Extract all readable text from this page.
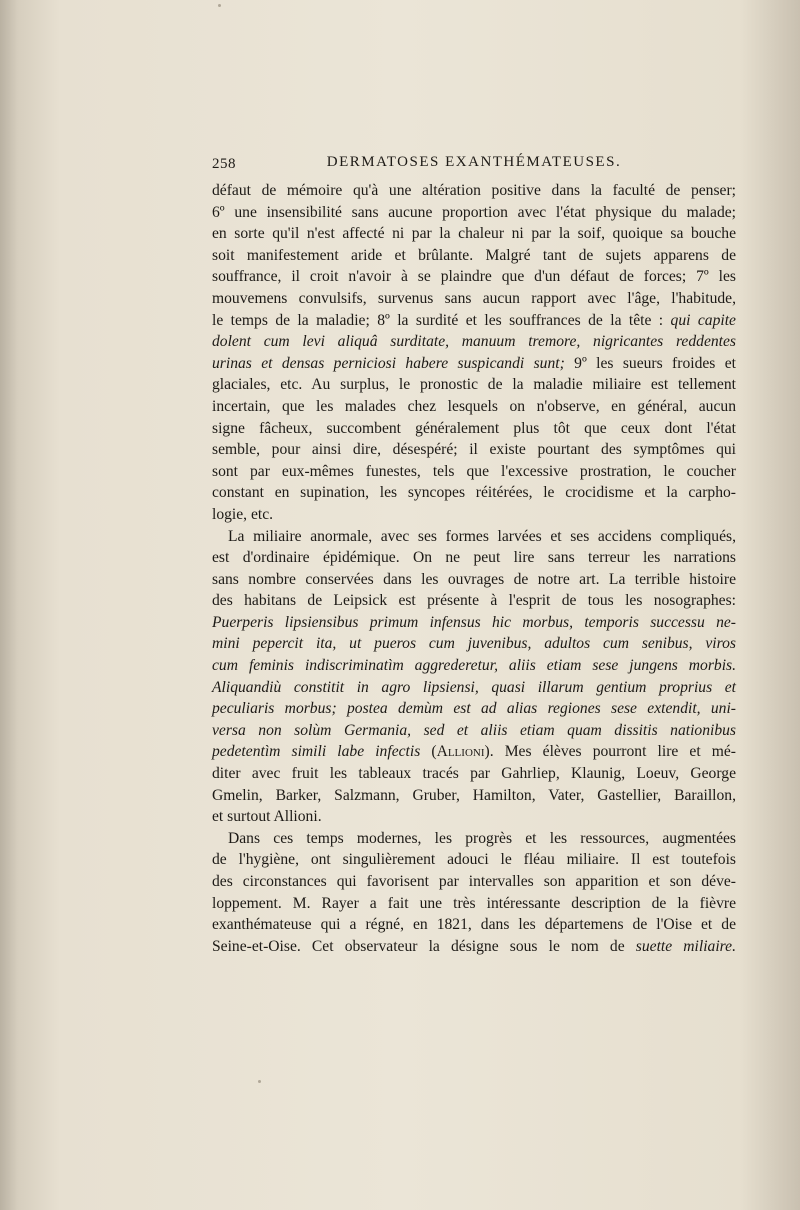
258	DERMATOSES EXANTHÉMATEUSES.
défaut de mémoire qu'à une altération positive dans la faculté de penser;
6º une insensibilité sans aucune proportion avec l'état physique du malade;
en sorte qu'il n'est affecté ni par la chaleur ni par la soif, quoique sa bouche
soit manifestement aride et brûlante. Malgré tant de sujets apparens de
souffrance, il croit n'avoir à se plaindre que d'un défaut de forces; 7º les
mouvemens convulsifs, survenus sans aucun rapport avec l'âge, l'habitude,
le temps de la maladie; 8º la surdité et les souffrances de la tête : qui capite
dolent cum levi aliquâ surditate, manuum tremore, nigricantes reddentes
urinas et densas perniciosi habere suspicandi sunt; 9º les sueurs froides et
glaciales, etc. Au surplus, le pronostic de la maladie miliaire est tellement
incertain, que les malades chez lesquels on n'observe, en général, aucun
signe fâcheux, succombent généralement plus tôt que ceux dont l'état
semble, pour ainsi dire, désespéré; il existe pourtant des symptômes qui
sont par eux-mêmes funestes, tels que l'excessive prostration, le coucher
constant en supination, les syncopes réitérées, le crocidisme et la carpho-
logie, etc.
La miliaire anormale, avec ses formes larvées et ses accidens compliqués,
est d'ordinaire épidémique. On ne peut lire sans terreur les narrations
sans nombre conservées dans les ouvrages de notre art. La terrible histoire
des habitans de Leipsick est présente à l'esprit de tous les nosographes:
Puerperis lipsiensibus primum infensus hic morbus, temporis successu ne-
mini pepercit ita, ut pueros cum juvenibus, adultos cum senibus, viros
cum feminis indiscriminatìm aggrederetur, aliis etiam sese jungens morbis.
Aliquandiù constitit in agro lipsiensi, quasi illarum gentium proprius et
peculiaris morbus; postea demùm est ad alias regiones sese extendit, uni-
versa non solùm Germania, sed et aliis etiam quam dissitis nationibus
pedetentìm simili labe infectis (Allioni). Mes élèves pourront lire et mé-
diter avec fruit les tableaux tracés par Gahrliep, Klaunig, Loeuv, George
Gmelin, Barker, Salzmann, Gruber, Hamilton, Vater, Gastellier, Baraillon,
et surtout Allioni.
Dans ces temps modernes, les progrès et les ressources, augmentées
de l'hygiène, ont singulièrement adouci le fléau miliaire. Il est toutefois
des circonstances qui favorisent par intervalles son apparition et son déve-
loppement. M. Rayer a fait une très intéressante description de la fièvre
exanthémateuse qui a régné, en 1821, dans les départemens de l'Oise et de
Seine-et-Oise. Cet observateur la désigne sous le nom de suette miliaire.
